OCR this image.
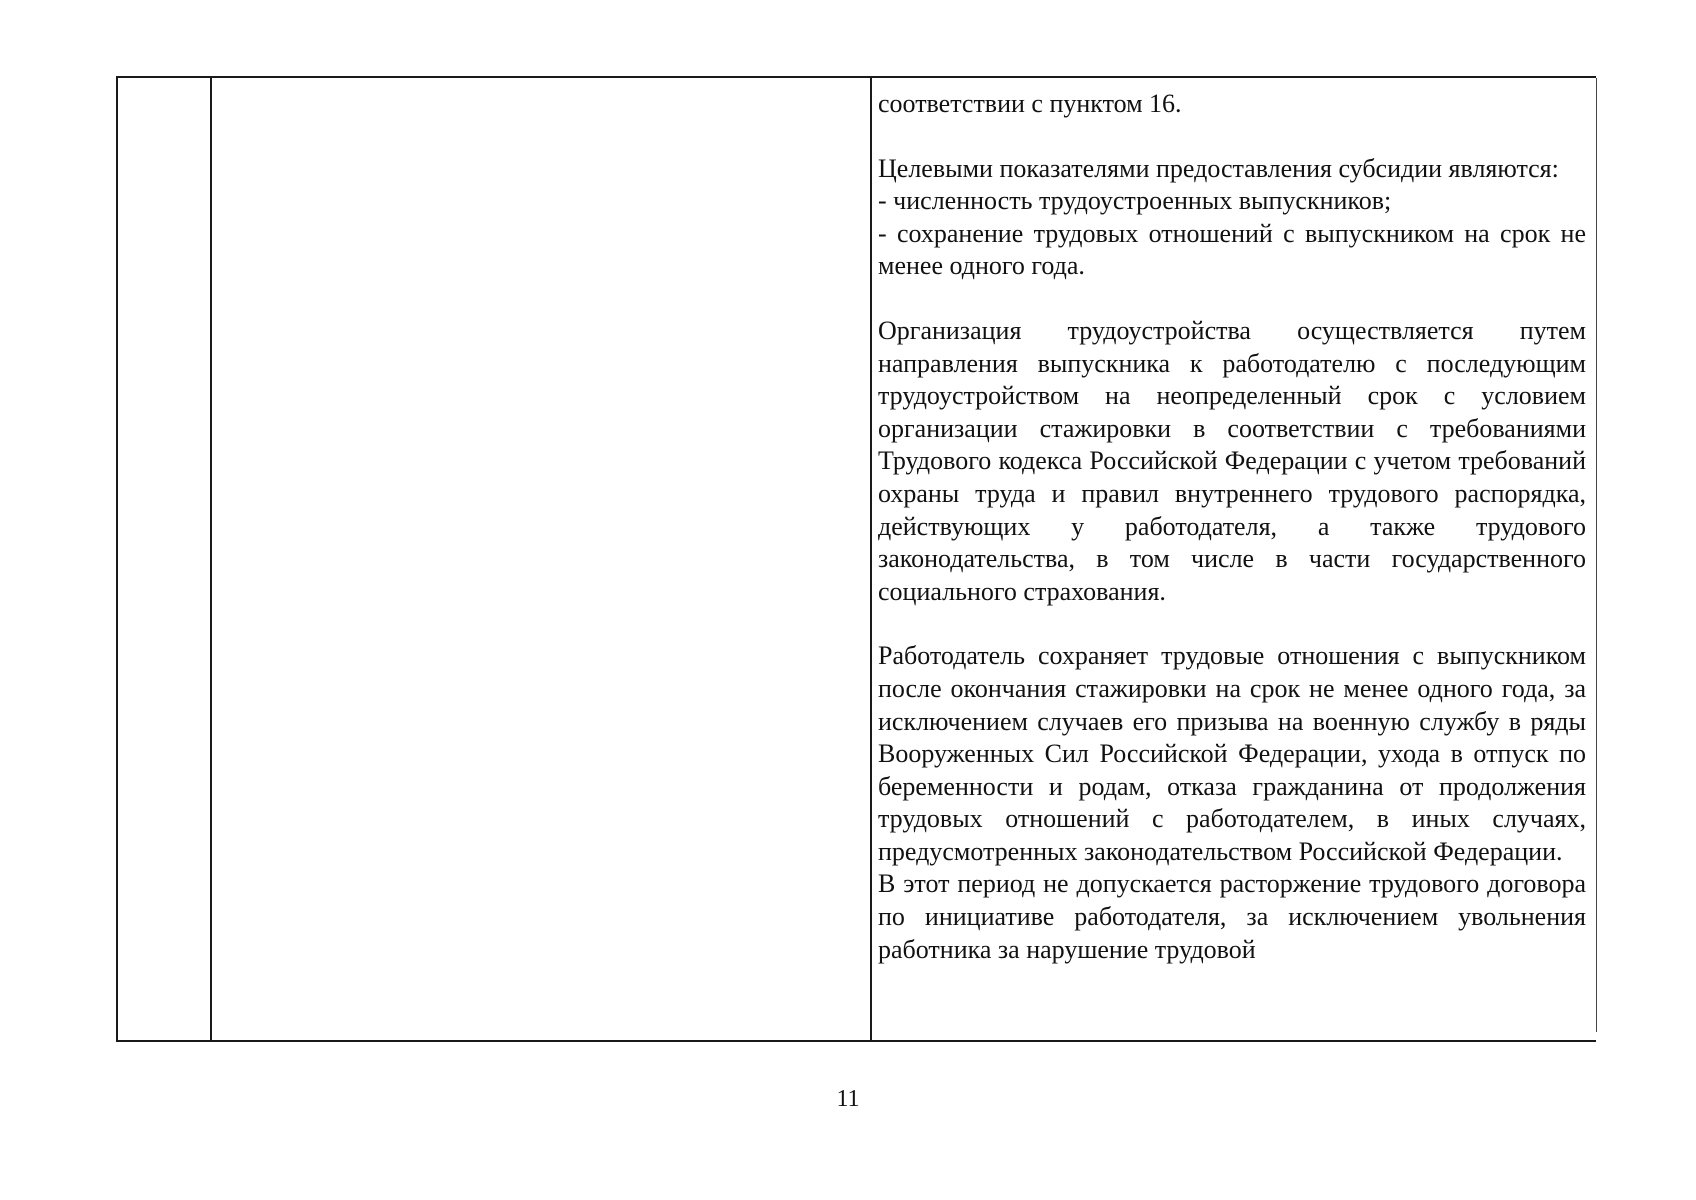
соответствии с пунктом 16.

Целевыми показателями предоставления субсидии являются:

- численность трудоустроенных выпускников;

- сохранение трудовых отношений с выпускником на срок не менее одного года.

Организация трудоустройства осуществляется путем направления выпускника к работодателю с последующим трудоустройством на неопределенный срок с условием организации стажировки в соответствии с требованиями Трудового кодекса Российской Федерации с учетом требований охраны труда и правил внутреннего трудового распорядка, действующих у работодателя, а также трудового законодательства, в том числе в части государственного социального страхования.

Работодатель сохраняет трудовые отношения с выпускником после окончания стажировки на срок не менее одного года, за исключением случаев его призыва на военную службу в ряды Вооруженных Сил Российской Федерации, ухода в отпуск по беременности и родам, отказа гражданина от продолжения трудовых отношений с работодателем, в иных случаях, предусмотренных законодательством Российской Федерации.

В этот период не допускается расторжение трудового договора по инициативе работодателя, за исключением увольнения работника за нарушение трудовой

11
